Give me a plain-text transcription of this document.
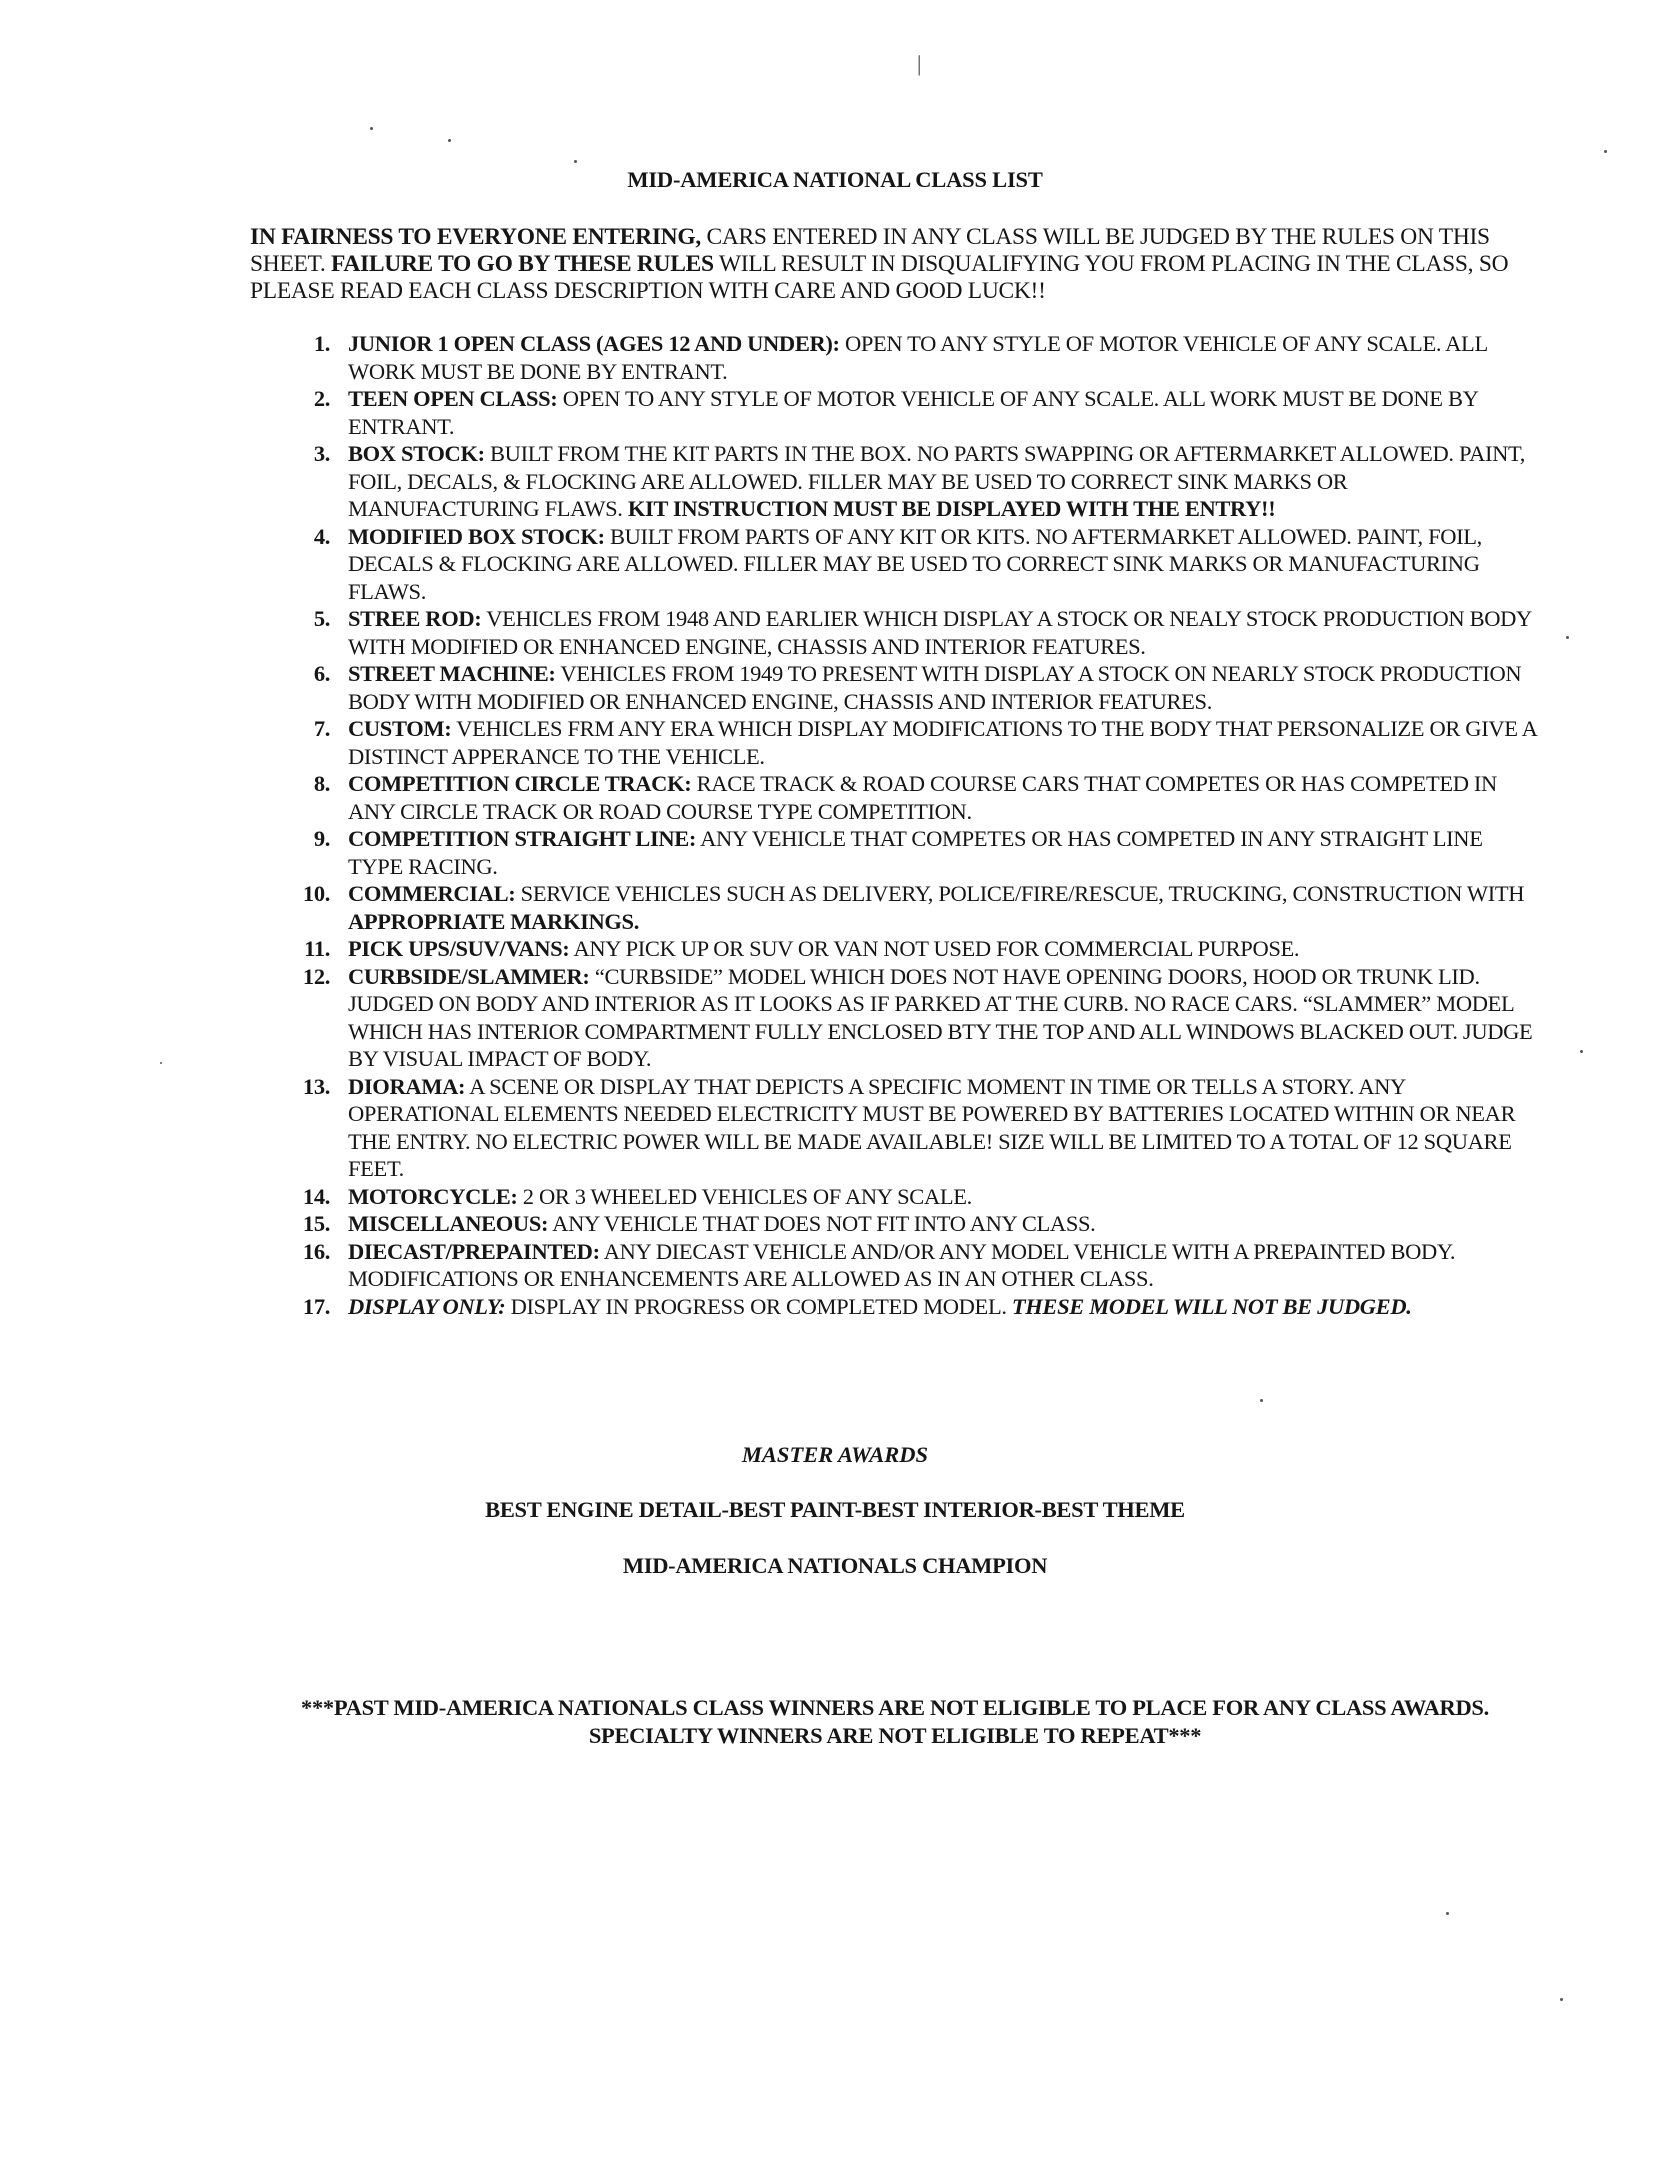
|
MID-AMERICA NATIONAL CLASS LIST
IN FAIRNESS TO EVERYONE ENTERING, CARS ENTERED IN ANY CLASS WILL BE JUDGED BY THE RULES ON THIS SHEET. FAILURE TO GO BY THESE RULES WILL RESULT IN DISQUALIFYING YOU FROM PLACING IN THE CLASS, SO PLEASE READ EACH CLASS DESCRIPTION WITH CARE AND GOOD LUCK!!
1. JUNIOR 1 OPEN CLASS (AGES 12 AND UNDER): OPEN TO ANY STYLE OF MOTOR VEHICLE OF ANY SCALE. ALL WORK MUST BE DONE BY ENTRANT.
2. TEEN OPEN CLASS: OPEN TO ANY STYLE OF MOTOR VEHICLE OF ANY SCALE. ALL WORK MUST BE DONE BY ENTRANT.
3. BOX STOCK: BUILT FROM THE KIT PARTS IN THE BOX. NO PARTS SWAPPING OR AFTERMARKET ALLOWED. PAINT, FOIL, DECALS, & FLOCKING ARE ALLOWED. FILLER MAY BE USED TO CORRECT SINK MARKS OR MANUFACTURING FLAWS. KIT INSTRUCTION MUST BE DISPLAYED WITH THE ENTRY!!
4. MODIFIED BOX STOCK: BUILT FROM PARTS OF ANY KIT OR KITS. NO AFTERMARKET ALLOWED. PAINT, FOIL, DECALS & FLOCKING ARE ALLOWED. FILLER MAY BE USED TO CORRECT SINK MARKS OR MANUFACTURING FLAWS.
5. STREE ROD: VEHICLES FROM 1948 AND EARLIER WHICH DISPLAY A STOCK OR NEALY STOCK PRODUCTION BODY WITH MODIFIED OR ENHANCED ENGINE, CHASSIS AND INTERIOR FEATURES.
6. STREET MACHINE: VEHICLES FROM 1949 TO PRESENT WITH DISPLAY A STOCK ON NEARLY STOCK PRODUCTION BODY WITH MODIFIED OR ENHANCED ENGINE, CHASSIS AND INTERIOR FEATURES.
7. CUSTOM: VEHICLES FRM ANY ERA WHICH DISPLAY MODIFICATIONS TO THE BODY THAT PERSONALIZE OR GIVE A DISTINCT APPERANCE TO THE VEHICLE.
8. COMPETITION CIRCLE TRACK: RACE TRACK & ROAD COURSE CARS THAT COMPETES OR HAS COMPETED IN ANY CIRCLE TRACK OR ROAD COURSE TYPE COMPETITION.
9. COMPETITION STRAIGHT LINE: ANY VEHICLE THAT COMPETES OR HAS COMPETED IN ANY STRAIGHT LINE TYPE RACING.
10. COMMERCIAL: SERVICE VEHICLES SUCH AS DELIVERY, POLICE/FIRE/RESCUE, TRUCKING, CONSTRUCTION WITH APPROPRIATE MARKINGS.
11. PICK UPS/SUV/VANS: ANY PICK UP OR SUV OR VAN NOT USED FOR COMMERCIAL PURPOSE.
12. CURBSIDE/SLAMMER: “CURBSIDE” MODEL WHICH DOES NOT HAVE OPENING DOORS, HOOD OR TRUNK LID. JUDGED ON BODY AND INTERIOR AS IT LOOKS AS IF PARKED AT THE CURB. NO RACE CARS. “SLAMMER” MODEL WHICH HAS INTERIOR COMPARTMENT FULLY ENCLOSED BTY THE TOP AND ALL WINDOWS BLACKED OUT. JUDGE BY VISUAL IMPACT OF BODY.
13. DIORAMA: A SCENE OR DISPLAY THAT DEPICTS A SPECIFIC MOMENT IN TIME OR TELLS A STORY. ANY OPERATIONAL ELEMENTS NEEDED ELECTRICITY MUST BE POWERED BY BATTERIES LOCATED WITHIN OR NEAR THE ENTRY. NO ELECTRIC POWER WILL BE MADE AVAILABLE! SIZE WILL BE LIMITED TO A TOTAL OF 12 SQUARE FEET.
14. MOTORCYCLE: 2 OR 3 WHEELED VEHICLES OF ANY SCALE.
15. MISCELLANEOUS: ANY VEHICLE THAT DOES NOT FIT INTO ANY CLASS.
16. DIECAST/PREPAINTED: ANY DIECAST VEHICLE AND/OR ANY MODEL VEHICLE WITH A PREPAINTED BODY. MODIFICATIONS OR ENHANCEMENTS ARE ALLOWED AS IN AN OTHER CLASS.
17. DISPLAY ONLY: DISPLAY IN PROGRESS OR COMPLETED MODEL. THESE MODEL WILL NOT BE JUDGED.
MASTER AWARDS
BEST ENGINE DETAIL-BEST PAINT-BEST INTERIOR-BEST THEME
MID-AMERICA NATIONALS CHAMPION
***PAST MID-AMERICA NATIONALS CLASS WINNERS ARE NOT ELIGIBLE TO PLACE FOR ANY CLASS AWARDS. SPECIALTY WINNERS ARE NOT ELIGIBLE TO REPEAT***
